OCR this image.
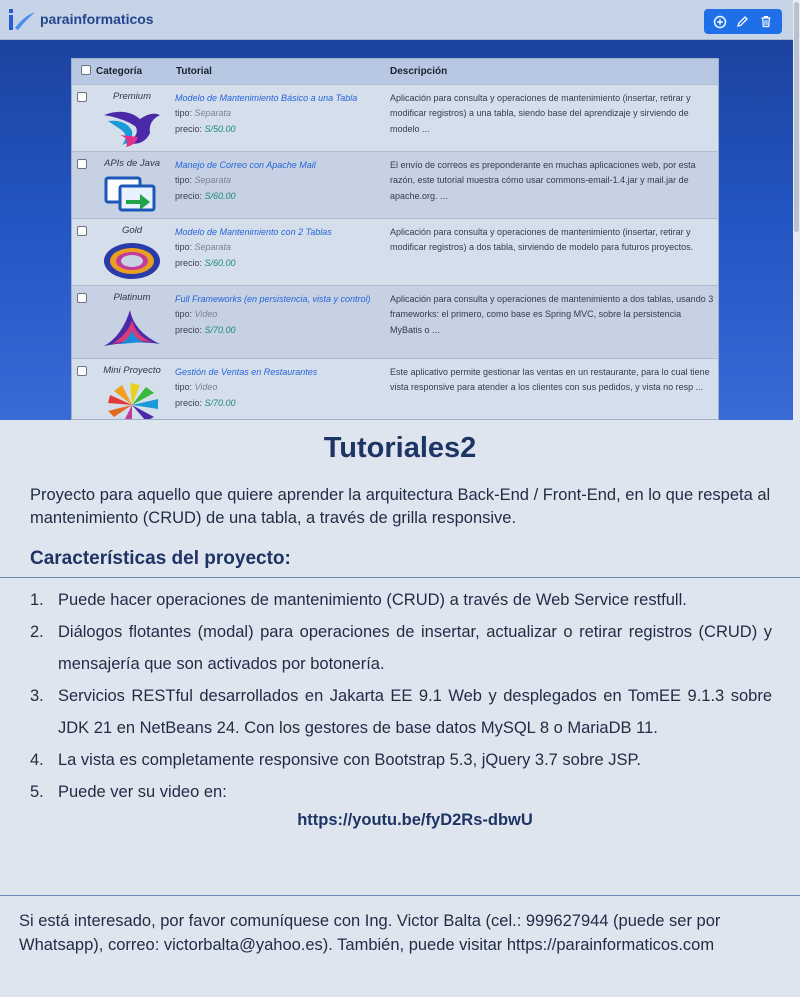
parainformaticos
	Categoría	Tutorial	Descripción

	Premium	Modelo de Mantenimiento Básico a una Tabla
tipo: Separata
precio: S/50.00	Aplicación para consulta y operaciones de mantenimiento (insertar, retirar y modificar registros) a una tabla, siendo base del aprendizaje y sirviendo de modelo ...

	APIs de Java	Manejo de Correo con Apache Mail
tipo: Separata
precio: S/60.00	El envío de correos es preponderante en muchas aplicaciones web, por esta razón, este tutorial muestra cómo usar commons-email-1.4.jar y mail.jar de apache.org. ...

	Gold	Modelo de Mantenimiento con 2 Tablas
tipo: Separata
precio: S/60.00	Aplicación para consulta y operaciones de mantenimiento (insertar, retirar y modificar registros) a dos tabla, sirviendo de modelo para futuros proyectos.

	Platinum	Full Frameworks (en persistencia, vista y control)
tipo: Video
precio: S/70.00	Aplicación para consulta y operaciones de mantenimiento a dos tablas, usando 3 frameworks: el primero, como base es Spring MVC, sobre la persistencia MyBatis o ...

	Mini Proyecto	Gestión de Ventas en Restaurantes
tipo: Video
precio: S/70.00	Este aplicativo permite gestionar las ventas en un restaurante, para lo cual tiene vista responsive para atender a los clientes con sus pedidos, y vista no resp ...
Tutoriales2

Proyecto para aquello que quiere aprender la arquitectura Back-End / Front-End, en lo que respeta al mantenimiento (CRUD) de una tabla, a través de grilla responsive.

Características del proyecto:
1. Puede hacer operaciones de mantenimiento (CRUD) a través de Web Service restfull.
2. Diálogos flotantes (modal) para operaciones de insertar, actualizar o retirar registros (CRUD) y mensajería que son activados por botonería.
3. Servicios RESTful desarrollados en Jakarta EE 9.1 Web y desplegados en TomEE 9.1.3 sobre JDK 21 en NetBeans 24. Con los gestores de base datos MySQL 8 o MariaDB 11.
4. La vista es completamente responsive con Bootstrap 5.3, jQuery 3.7 sobre JSP.
5. Puede ver su video en:
https://youtu.be/fyD2Rs-dbwU

Si está interesado, por favor comuníquese con Ing. Victor Balta (cel.: 999627944 (puede ser por Whatsapp), correo: victorbalta@yahoo.es). También, puede visitar https://parainformaticos.com
